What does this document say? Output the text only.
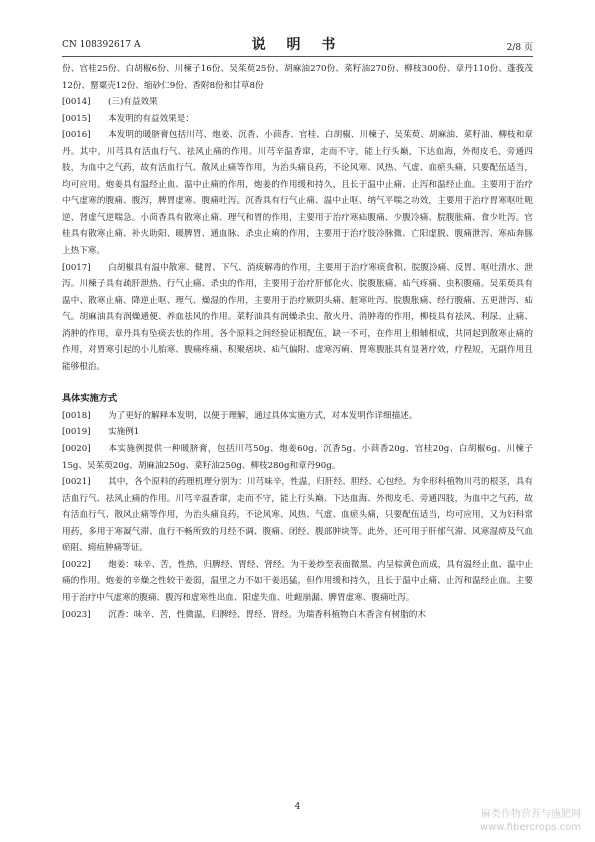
CN 108392617 A	说 明 书	2/8 页
份、官桂25份、白胡椒6份、川楝子16份、吴茱萸25份、胡麻油270份、菜籽油270份、柳枝300份、章丹110份、蓬莪茂12份、罂粟壳12份、缩砂仁9份、香附8份和甘草8份
[0014] (三)有益效果
[0015] 本发明的有益效果是：
[0016] 本发明的暖脐膏包括川芎、炮姜、沉香、小茴香、官桂、白胡椒、川楝子、吴茱萸、胡麻油、菜籽油、柳枝和章丹。其中，川芎具有活血行气、祛风止痛的作用。川芎辛温香窜，走而不守，能上行头巅，下达血海，外彻皮毛，旁通四肢，为血中之气药，故有活血行气、散风止痛等作用，为治头痛良药，不论风寒、风热、气虚、血瘀头痛，只要配伍适当，均可应用。炮姜具有温经止血、温中止痛的作用，炮姜的作用缓和持久，且长于温中止痛、止泻和温经止血。主要用于治疗中气虚寒的腹痛、腹泻，脾胃虚寒、腹痛吐泻。沉香具有行气止痛、温中止呕、纳气平喘之功效，主要用于治疗胃寒呕吐呃逆、肾虚气逆喘急。小茴香具有散寒止痛、理气和胃的作用，主要用于治疗寒疝腹痛、少腹冷痛、脘腹胀痛、食少吐泻。官桂具有散寒止痛、补火助阳、暖脾胃、通血脉、杀虫止痢的作用，主要用于治疗肢冷脉微、亡阳虚脱、腹痛泄泻、寒疝奔豚上热下寒。
[0017] 白胡椒具有温中散寒、健胃、下气、消痰解毒的作用，主要用于治疗寒痰食积、脘腹冷痛、反胃、呕吐清水、泄泻。川楝子具有疏肝泄热、行气止痛、杀虫的作用，主要用于治疗肝郁化火、脘腹胀痛、疝气疼痛、虫积腹痛。吴茱萸具有温中、散寒止痛、降逆止呕、理气、燥湿的作用，主要用于治疗厥阴头痛、脏寒吐泻、脘腹胀痛、经行腹痛、五更泄泻、疝气。胡麻油具有润燥通便、养血祛风的作用。菜籽油具有润燥杀虫、散火丹、消肿毒的作用，柳枝具有祛风、利尿、止痛、消肿的作用，章丹具有坠痰去怯的作用。各个原料之间经验证相配伍，缺一不可，在作用上相辅相成，共同起到散寒止痛的作用，对胃寒引起的小儿胎寒、腹痛疼痛、积聚痞块、疝气偏附、虚寒泻痢、胃寒腹胀具有显著疗效，疗程短，无副作用且能够根治。
具体实施方式
[0018] 为了更好的解释本发明，以便于理解，通过具体实施方式，对本发明作详细描述。
[0019] 实施例1
[0020] 本实施例提供一种暖脐膏，包括川芎50g、炮姜60g、沉香5g、小茴香20g、官桂20g、白胡椒6g、川楝子15g、吴茱萸20g、胡麻油250g、菜籽油250g、柳枝280g和章丹90g。
[0021] 其中，各个原料的药理机理分别为：川芎味辛，性温，归肝经、胆经、心包经。为伞形科植物川芎的根茎，具有活血行气、祛风止痛的作用。川芎辛温香窜，走而不守，能上行头巅、下达血海、外彻皮毛、旁通四肢，为血中之气药，故有活血行气、散风止痛等作用，为治头痛良药，不论风寒、风热、气虚、血瘀头痛，只要配伍适当，均可应用，又为妇科常用药，多用于寒凝气滞、血行不畅所致的月经不调、腹痛、闭经、腹部肿块等。此外，还可用于肝郁气滞、风寒湿痹及气血瘀阻、痈疽肿痛等证。
[0022] 炮姜：味辛、苦，性热，归脾经、胃经、肾经。为干姜炒至表面微黑、内呈棕黄色而成，具有温经止血、温中止痛的作用。炮姜的辛燥之性较干姜弱，温里之力不如干姜迅猛，但作用缓和持久，且长于温中止痛、止泻和温经止血。主要用于治疗中气虚寒的腹痛、腹泻和虚寒性出血、阳虚失血、吐衄崩漏、脾胃虚寒、腹痛吐泻。
[0023] 沉香：味辛、苦，性微温，归脾经、胃经、肾经。为瑞香科植物白木香含有树脂的木
4
麻类作物营养与施肥网
www.fibercrops.com
